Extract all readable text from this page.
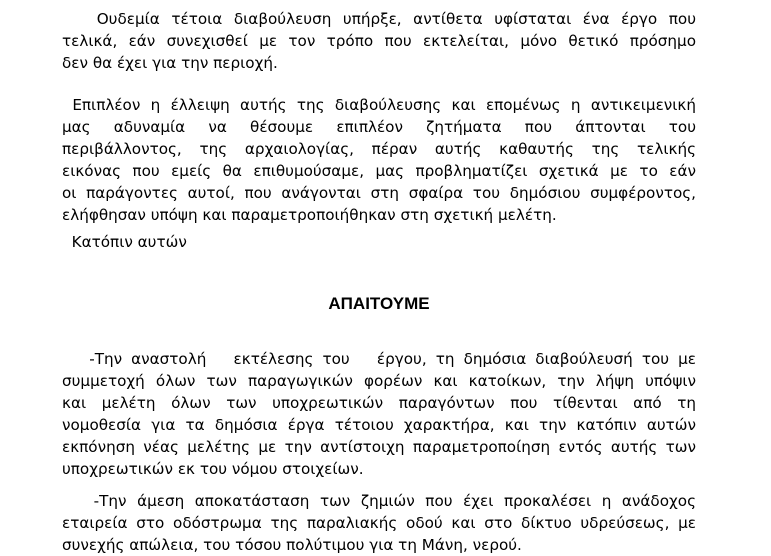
Ουδεμία τέτοια διαβούλευση υπήρξε, αντίθετα υφίσταται ένα έργο που
τελικά, εάν συνεχισθεί με τον τρόπο που εκτελείται, μόνο θετικό πρόσημο
δεν θα έχει για την περιοχή.

Επιπλέον η έλλειψη αυτής της διαβούλευσης και επομένως η αντικειμενική
μας αδυναμία να θέσουμε επιπλέον ζητήματα που άπτονται του
περιβάλλοντος, της αρχαιολογίας, πέραν αυτής καθαυτής της τελικής
εικόνας που εμείς θα επιθυμούσαμε, μας προβληματίζει σχετικά με το εάν
οι παράγοντες αυτοί, που ανάγονται στη σφαίρα του δημόσιου συμφέροντος,
ελήφθησαν υπόψη και παραμετροποιήθηκαν στη σχετική μελέτη.

Κατόπιν αυτών

ΑΠΑΙΤΟΥΜΕ

-Την αναστολή   εκτέλεσης του   έργου, τη δημόσια διαβούλευσή του με
συμμετοχή όλων των παραγωγικών φορέων και κατοίκων, την λήψη υπόψιν
και μελέτη όλων των υποχρεωτικών παραγόντων που τίθενται από τη
νομοθεσία για τα δημόσια έργα τέτοιου χαρακτήρα, και την κατόπιν αυτών
εκπόνηση νέας μελέτης με την αντίστοιχη παραμετροποίηση εντός αυτής των
υποχρεωτικών εκ του νόμου στοιχείων.

-Την άμεση αποκατάσταση των ζημιών που έχει προκαλέσει η ανάδοχος
εταιρεία στο οδόστρωμα της παραλιακής οδού και στο δίκτυο υδρεύσεως, με
συνεχής απώλεια, του τόσου πολύτιμου για τη Μάνη, νερού.
